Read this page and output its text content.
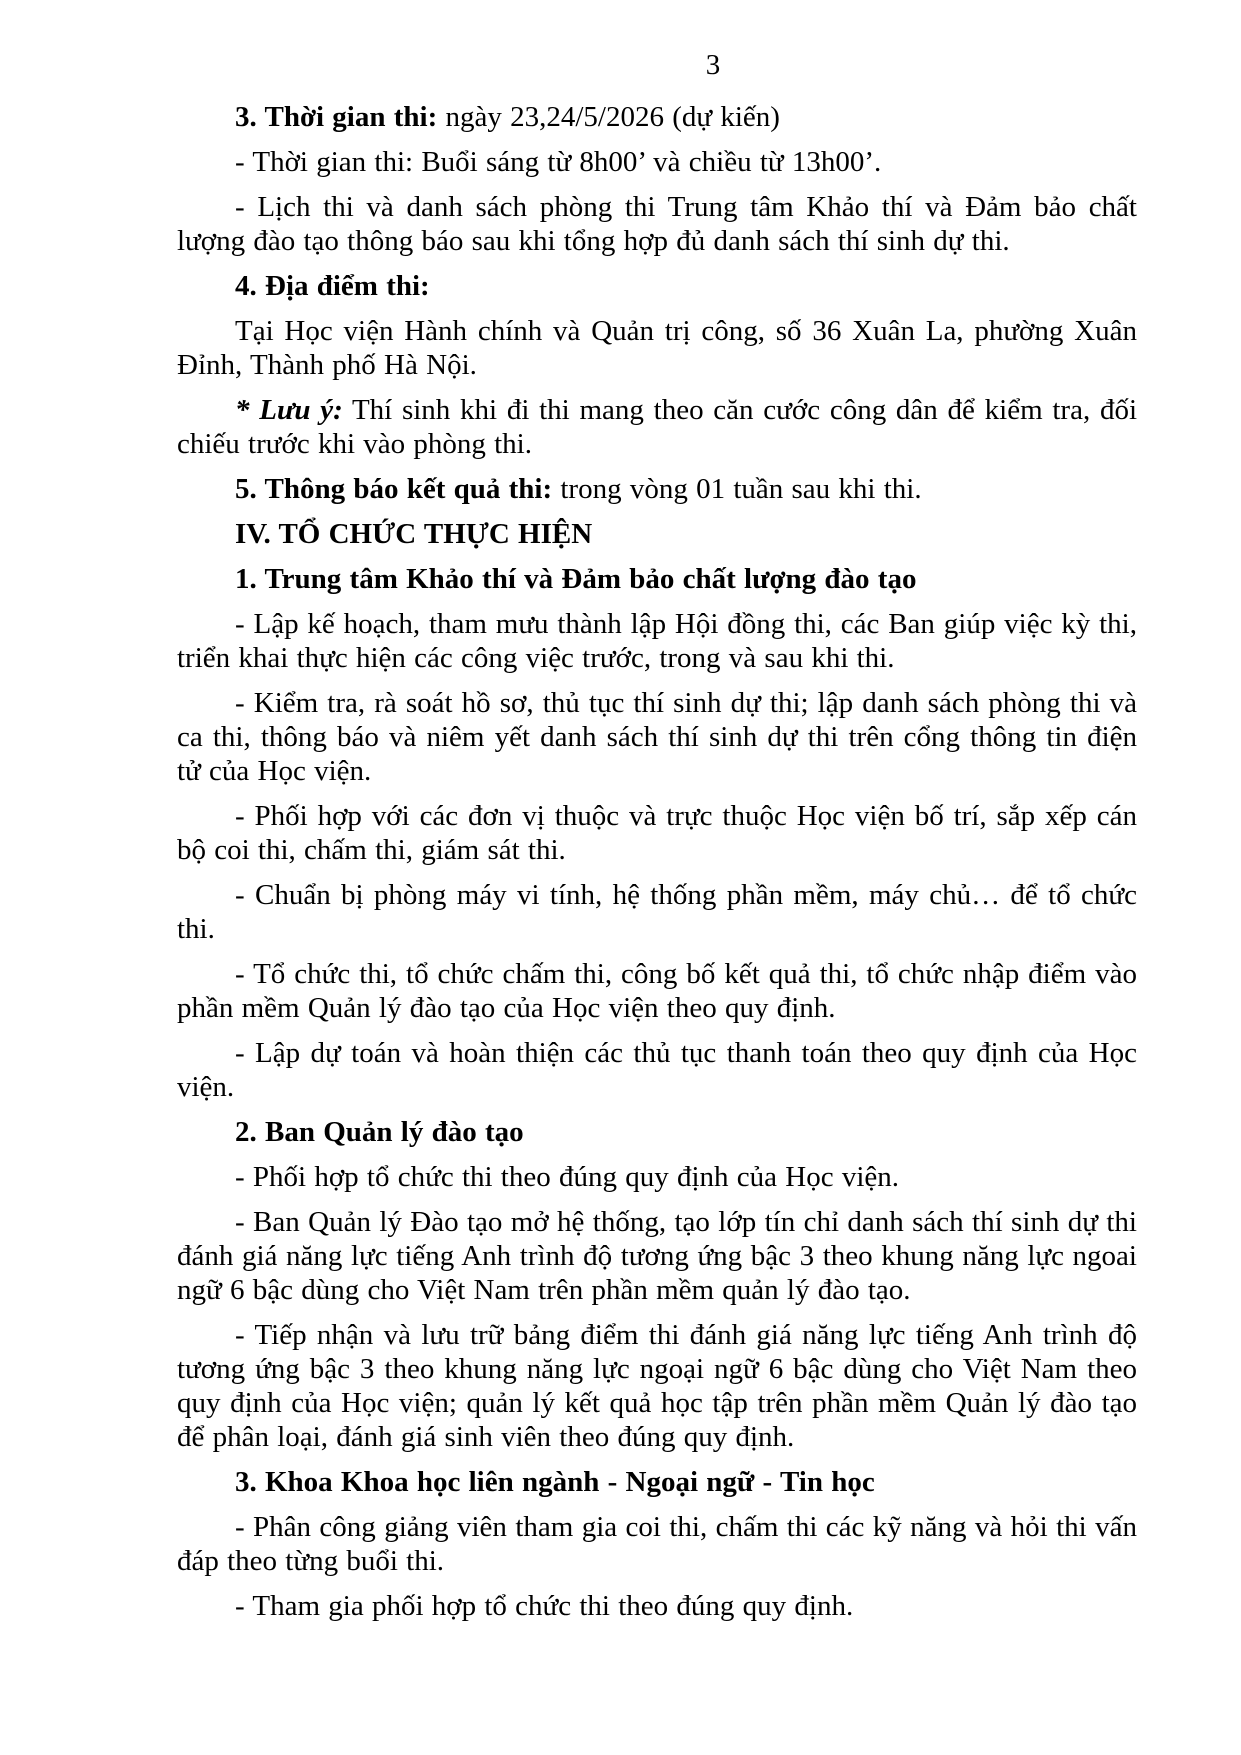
3

3. Thời gian thi: ngày 23,24/5/2026 (dự kiến)

- Thời gian thi: Buổi sáng từ 8h00’ và chiều từ 13h00’.

- Lịch thi và danh sách phòng thi Trung tâm Khảo thí và Đảm bảo chất lượng đào tạo thông báo sau khi tổng hợp đủ danh sách thí sinh dự thi.

4. Địa điểm thi:

Tại Học viện Hành chính và Quản trị công, số 36 Xuân La, phường Xuân Đỉnh, Thành phố Hà Nội.

* Lưu ý: Thí sinh khi đi thi mang theo căn cước công dân để kiểm tra, đối chiếu trước khi vào phòng thi.

5. Thông báo kết quả thi: trong vòng 01 tuần sau khi thi.

IV. TỔ CHỨC THỰC HIỆN

1. Trung tâm Khảo thí và Đảm bảo chất lượng đào tạo

- Lập kế hoạch, tham mưu thành lập Hội đồng thi, các Ban giúp việc kỳ thi, triển khai thực hiện các công việc trước, trong và sau khi thi.

- Kiểm tra, rà soát hồ sơ, thủ tục thí sinh dự thi; lập danh sách phòng thi và ca thi, thông báo và niêm yết danh sách thí sinh dự thi trên cổng thông tin điện tử của Học viện.

- Phối hợp với các đơn vị thuộc và trực thuộc Học viện bố trí, sắp xếp cán bộ coi thi, chấm thi, giám sát thi.

- Chuẩn bị phòng máy vi tính, hệ thống phần mềm, máy chủ… để tổ chức thi.

- Tổ chức thi, tổ chức chấm thi, công bố kết quả thi, tổ chức nhập điểm vào phần mềm Quản lý đào tạo của Học viện theo quy định.

- Lập dự toán và hoàn thiện các thủ tục thanh toán theo quy định của Học viện.

2. Ban Quản lý đào tạo

- Phối hợp tổ chức thi theo đúng quy định của Học viện.

- Ban Quản lý Đào tạo mở hệ thống, tạo lớp tín chỉ danh sách thí sinh dự thi đánh giá năng lực tiếng Anh trình độ tương ứng bậc 3 theo khung năng lực ngoai ngữ 6 bậc dùng cho Việt Nam trên phần mềm quản lý đào tạo.

- Tiếp nhận và lưu trữ bảng điểm thi đánh giá năng lực tiếng Anh trình độ tương ứng bậc 3 theo khung năng lực ngoại ngữ 6 bậc dùng cho Việt Nam theo quy định của Học viện; quản lý kết quả học tập trên phần mềm Quản lý đào tạo để phân loại, đánh giá sinh viên theo đúng quy định.

3. Khoa Khoa học liên ngành - Ngoại ngữ - Tin học

- Phân công giảng viên tham gia coi thi, chấm thi các kỹ năng và hỏi thi vấn đáp theo từng buổi thi.

- Tham gia phối hợp tổ chức thi theo đúng quy định.
